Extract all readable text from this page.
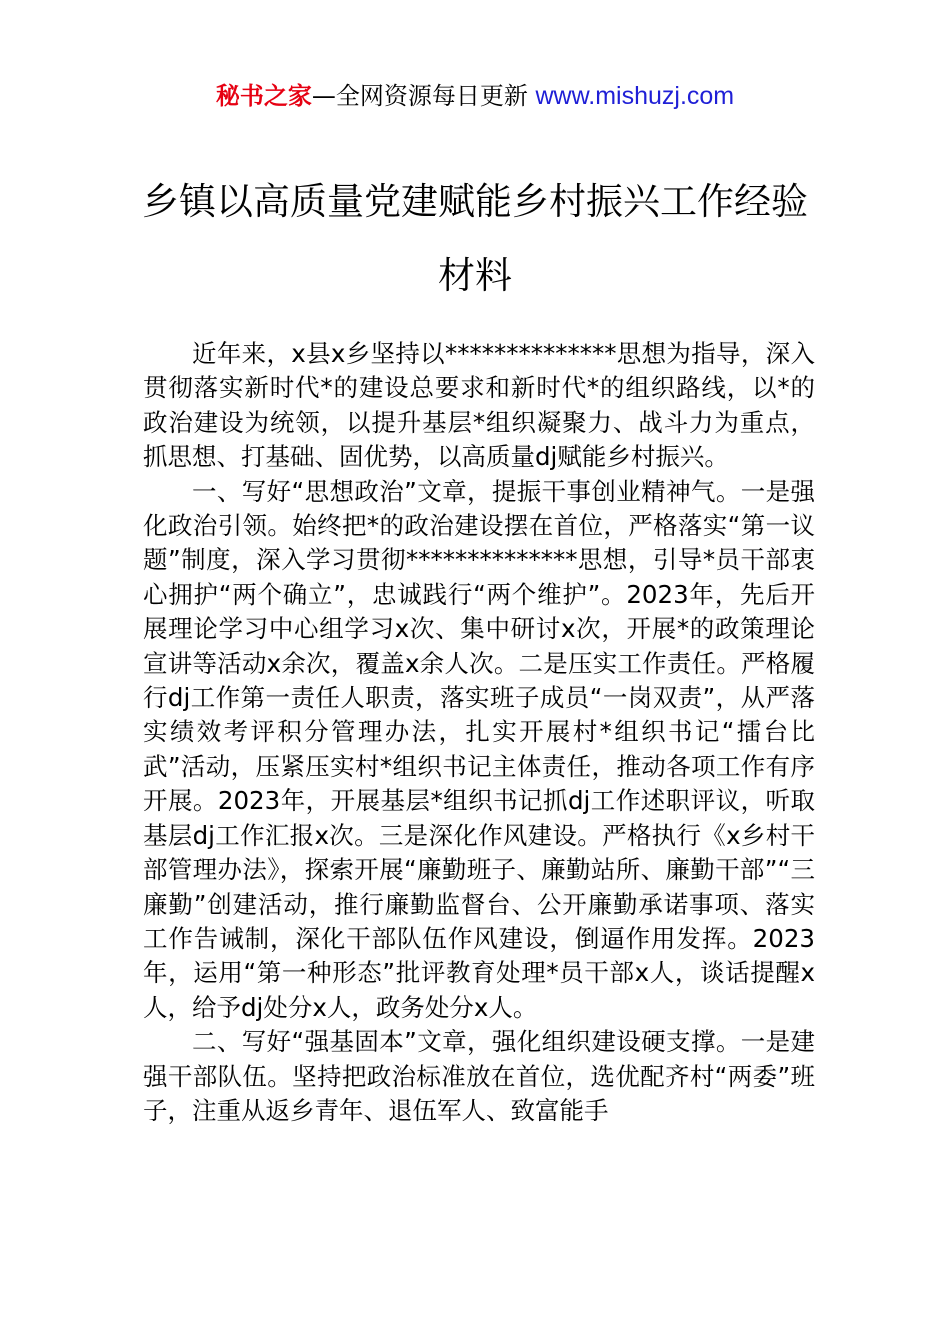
秘书之家—全网资源每日更新 www.mishuzj.com
乡镇以高质量党建赋能乡村振兴工作经验
材料

近年来，x县x乡坚持以**************思想为指导，深入贯彻落实新时代*的建设总要求和新时代*的组织路线，以*的政治建设为统领，以提升基层*组织凝聚力、战斗力为重点，抓思想、打基础、固优势，以高质量dj赋能乡村振兴。

一、写好“思想政治”文章，提振干事创业精神气。一是强化政治引领。始终把*的政治建设摆在首位，严格落实“第一议题”制度，深入学习贯彻**************思想，引导*员干部衷心拥护“两个确立”，忠诚践行“两个维护”。2023年，先后开展理论学习中心组学习x次、集中研讨x次，开展*的政策理论宣讲等活动x余次，覆盖x余人次。二是压实工作责任。严格履行dj工作第一责任人职责，落实班子成员“一岗双责”，从严落实绩效考评积分管理办法，扎实开展村*组织书记“擂台比武”活动，压紧压实村*组织书记主体责任，推动各项工作有序开展。2023年，开展基层*组织书记抓dj工作述职评议，听取基层dj工作汇报x次。三是深化作风建设。严格执行《x乡村干部管理办法》，探索开展“廉勤班子、廉勤站所、廉勤干部”“三廉勤”创建活动，推行廉勤监督台、公开廉勤承诺事项、落实工作告诫制，深化干部队伍作风建设，倒逼作用发挥。2023年，运用“第一种形态”批评教育处理*员干部x人，谈话提醒x人，给予dj处分x人，政务处分x人。

二、写好“强基固本”文章，强化组织建设硬支撑。一是建强干部队伍。坚持把政治标准放在首位，选优配齐村“两委”班子，注重从返乡青年、退伍军人、致富能手
